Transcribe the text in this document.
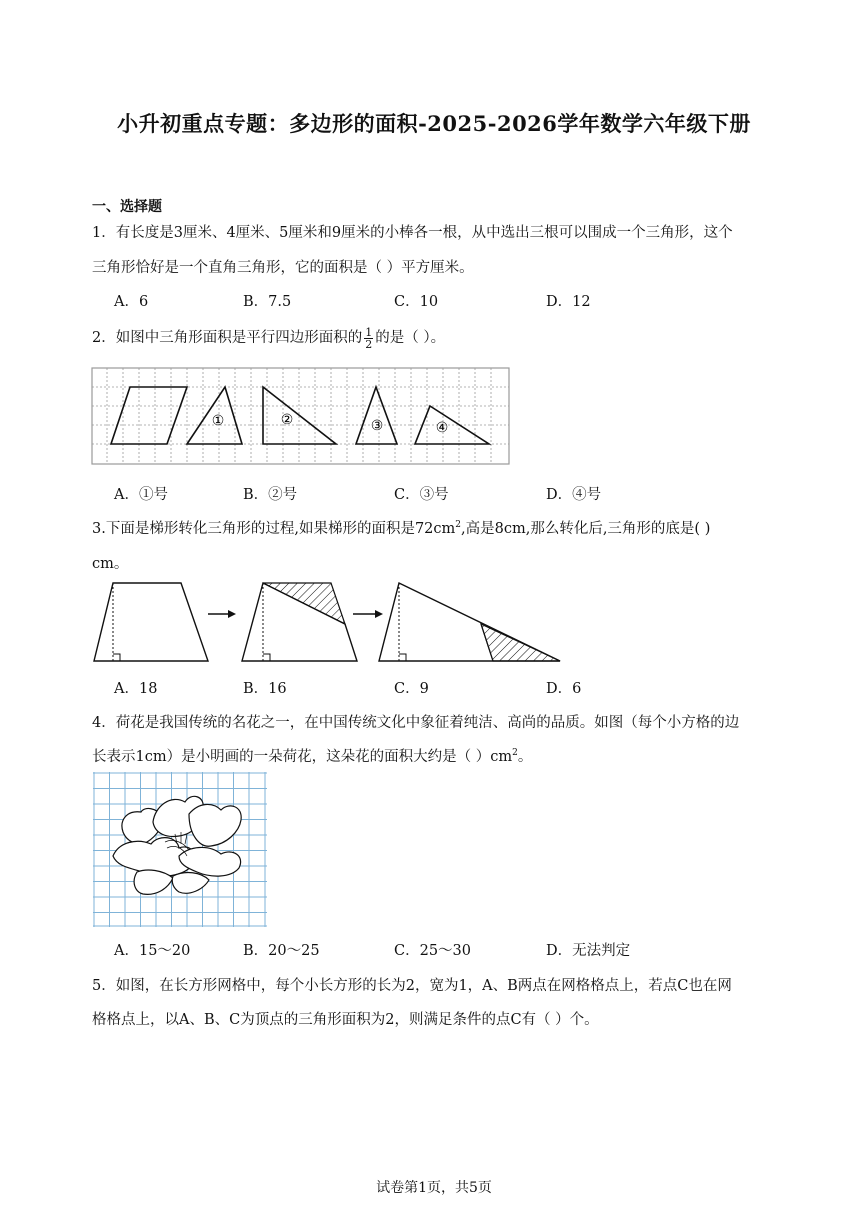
小升初重点专题：多边形的面积-2025-2026学年数学六年级下册
一、选择题
1．有长度是3厘米、4厘米、5厘米和9厘米的小棒各一根，从中选出三根可以围成一个三角形，这个
三角形恰好是一个直角三角形，它的面积是（ ）平方厘米。
A．6	B．7.5	C．10	D．12
2．如图中三角形面积是平行四边形面积的 $\frac{1}{2}$ 的是（ ）。
①	②	③	④
A．①号	B．②号	C．③号	D．④号
3.下面是梯形转化三角形的过程,如果梯形的面积是$72cm^2$,高是8cm,那么转化后,三角形的底是( )
cm。
A．18	B．16	C．9	D．6
4．荷花是我国传统的名花之一，在中国传统文化中象征着纯洁、高尚的品质。如图（每个小方格的边
长表示1cm）是小明画的一朵荷花，这朵花的面积大约是（ ）$cm^2$。
A．15～20	B．20～25	C．25～30	D．无法判定
5．如图，在长方形网格中，每个小长方形的长为2，宽为1，A、B两点在网格格点上，若点C也在网
格格点上，以A、B、C为顶点的三角形面积为2，则满足条件的点C有（ ）个。
试卷第1页，共5页
